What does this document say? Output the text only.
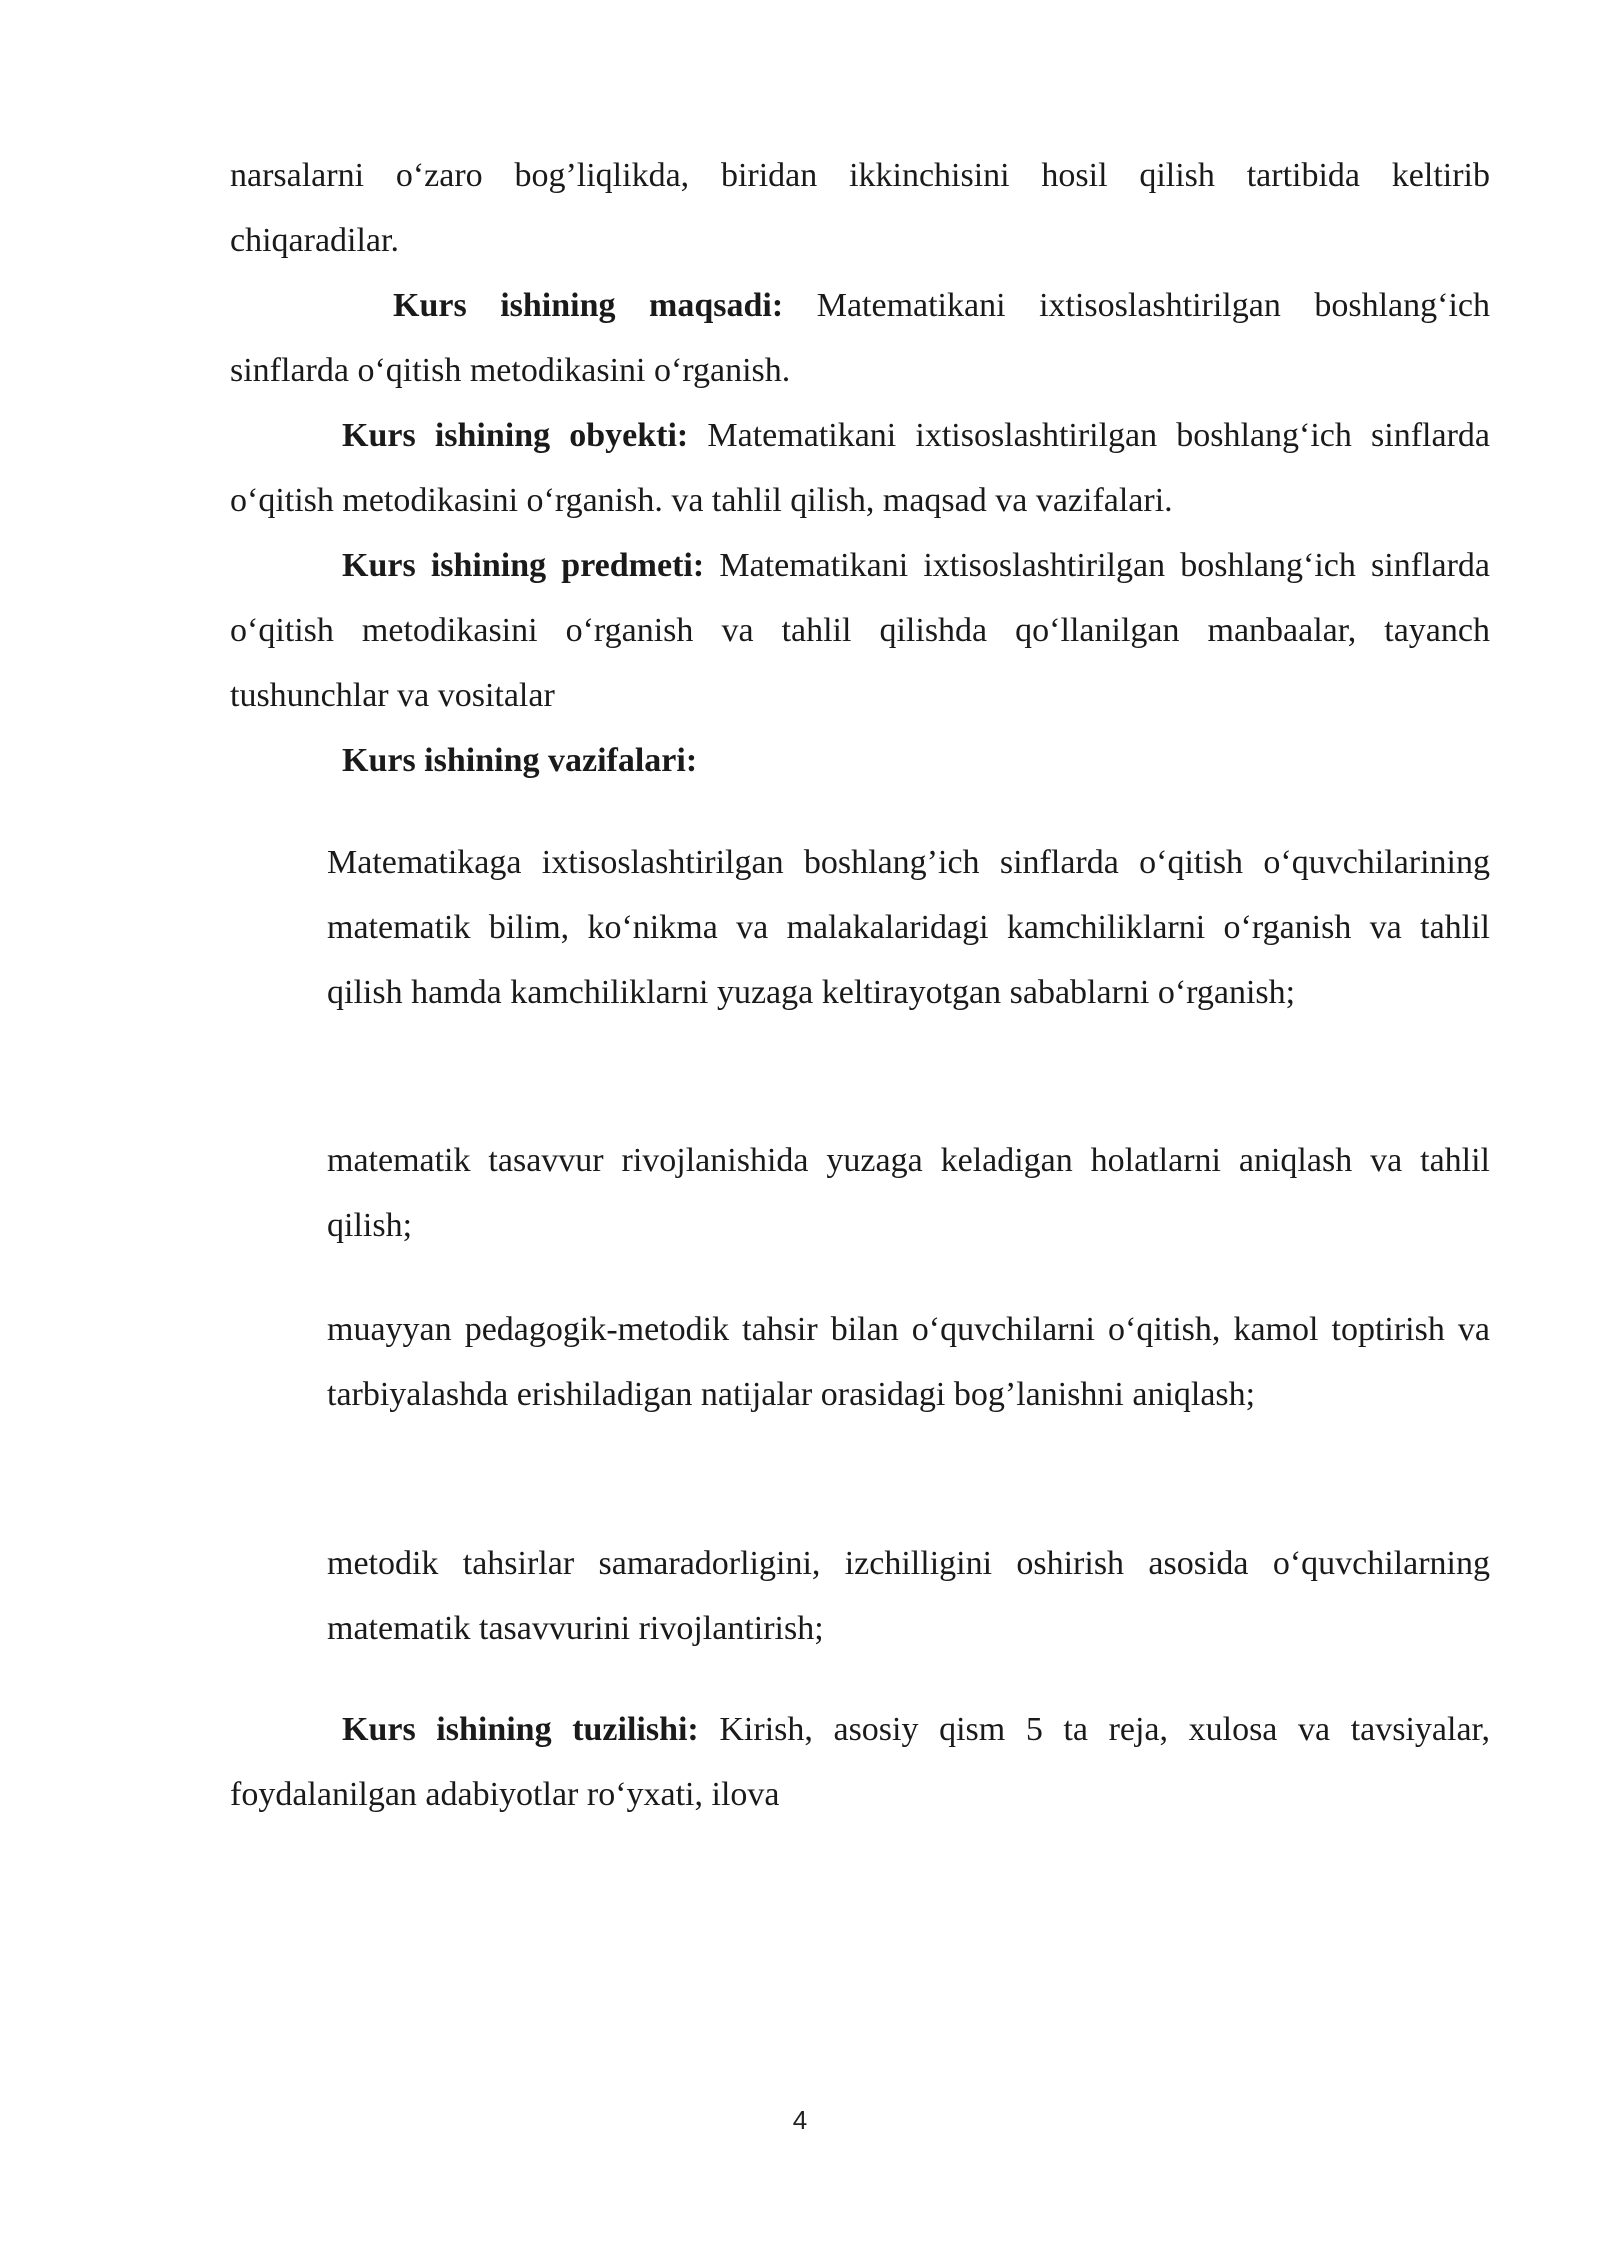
narsalarni o‘zaro bog’liqlikda, biridan ikkinchisini hosil qilish tartibida keltirib
chiqaradilar.
Kurs ishining maqsadi: Matematikani ixtisoslashtirilgan boshlang‘ich sinflarda o‘qitish metodikasini o‘rganish.
Kurs ishining obyekti: Matematikani ixtisoslashtirilgan boshlang‘ich sinflarda o‘qitish metodikasini o‘rganish. va tahlil qilish, maqsad va vazifalari.
Kurs ishining predmeti: Matematikani ixtisoslashtirilgan boshlang‘ich sinflarda o‘qitish metodikasini o‘rganish va tahlil qilishda qo‘llanilgan manbaalar, tayanch tushunchlar va vositalar
Kurs ishining vazifalari:
Matematikaga ixtisoslashtirilgan boshlang’ich sinflarda o‘qitish o‘quvchilarining matematik bilim, ko‘nikma va malakalaridagi kamchiliklarni o‘rganish va tahlil qilish hamda kamchiliklarni yuzaga keltirayotgan sabablarni o‘rganish;
matematik tasavvur rivojlanishida yuzaga keladigan holatlarni aniqlash va tahlil qilish;
muayyan pedagogik-metodik tahsir bilan o‘quvchilarni o‘qitish, kamol toptirish va tarbiyalashda erishiladigan natijalar orasidagi bog’lanishni aniqlash;
metodik tahsirlar samaradorligini, izchilligini oshirish asosida o‘quvchilarning matematik tasavvurini rivojlantirish;
Kurs ishining tuzilishi: Kirish, asosiy qism 5 ta reja, xulosa va tavsiyalar, foydalanilgan adabiyotlar ro‘yxati, ilova
4
